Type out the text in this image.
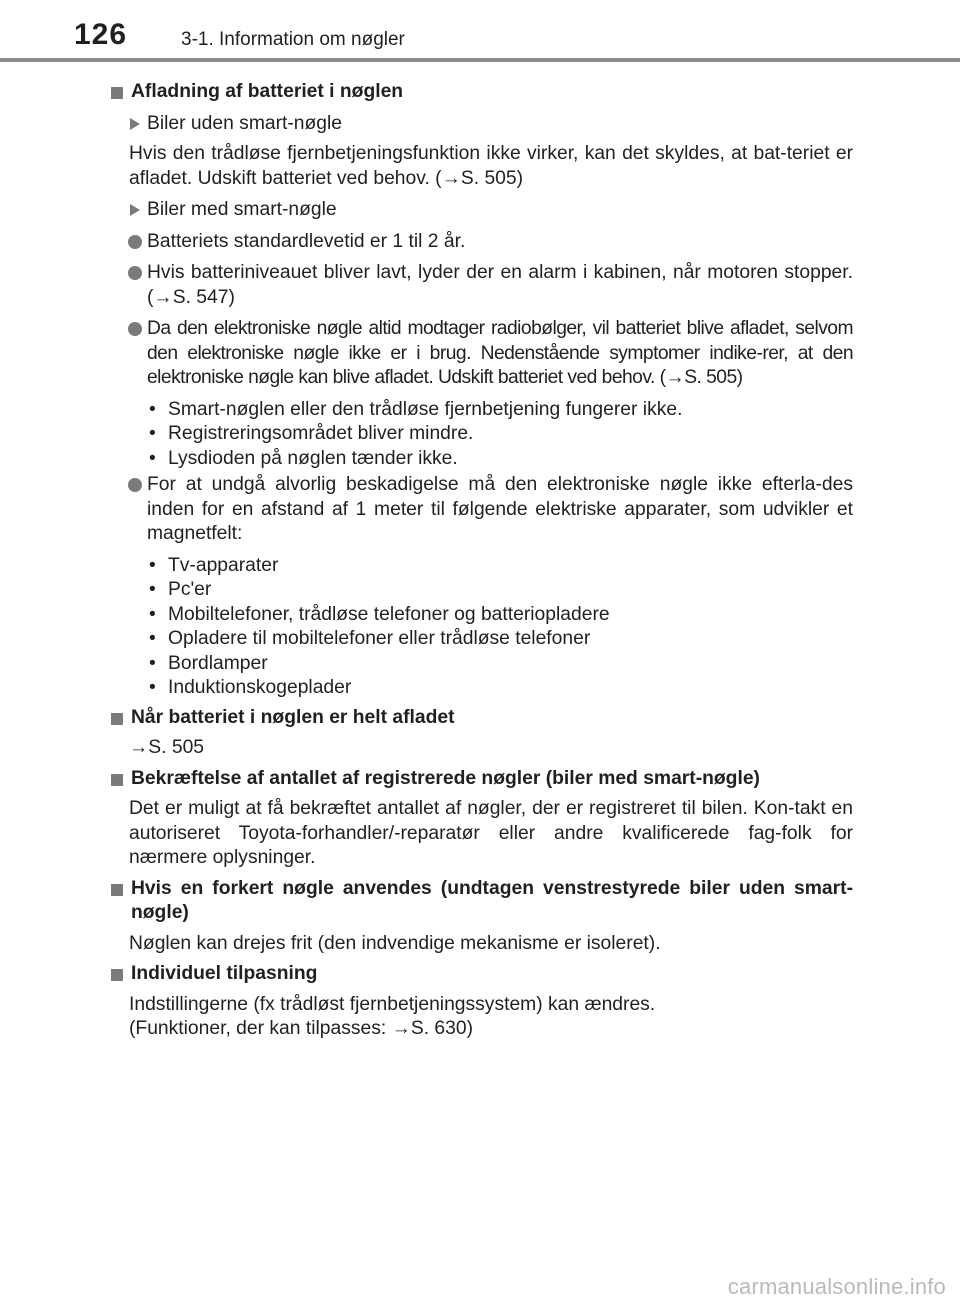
126	3-1. Information om nøgler
Afladning af batteriet i nøglen
Biler uden smart-nøgle
Hvis den trådløse fjernbetjeningsfunktion ikke virker, kan det skyldes, at bat-teriet er afladet. Udskift batteriet ved behov. (→S. 505)
Biler med smart-nøgle
Batteriets standardlevetid er 1 til 2 år.
Hvis batteriniveauet bliver lavt, lyder der en alarm i kabinen, når motoren stopper. (→S. 547)
Da den elektroniske nøgle altid modtager radiobølger, vil batteriet blive afladet, selvom den elektroniske nøgle ikke er i brug. Nedenstående symptomer indike-rer, at den elektroniske nøgle kan blive afladet. Udskift batteriet ved behov. (→S. 505)
• Smart-nøglen eller den trådløse fjernbetjening fungerer ikke.
• Registreringsområdet bliver mindre.
• Lysdioden på nøglen tænder ikke.
For at undgå alvorlig beskadigelse må den elektroniske nøgle ikke efterla-des inden for en afstand af 1 meter til følgende elektriske apparater, som udvikler et magnetfelt:
• Tv-apparater
• Pc'er
• Mobiltelefoner, trådløse telefoner og batteriopladere
• Opladere til mobiltelefoner eller trådløse telefoner
• Bordlamper
• Induktionskogeplader
Når batteriet i nøglen er helt afladet
→S. 505
Bekræftelse af antallet af registrerede nøgler (biler med smart-nøgle)
Det er muligt at få bekræftet antallet af nøgler, der er registreret til bilen. Kon-takt en autoriseret Toyota-forhandler/-reparatør eller andre kvalificerede fag-folk for nærmere oplysninger.
Hvis en forkert nøgle anvendes (undtagen venstrestyrede biler uden smart-nøgle)
Nøglen kan drejes frit (den indvendige mekanisme er isoleret).
Individuel tilpasning
Indstillingerne (fx trådløst fjernbetjeningssystem) kan ændres.
(Funktioner, der kan tilpasses: →S. 630)
carmanualsonline.info
